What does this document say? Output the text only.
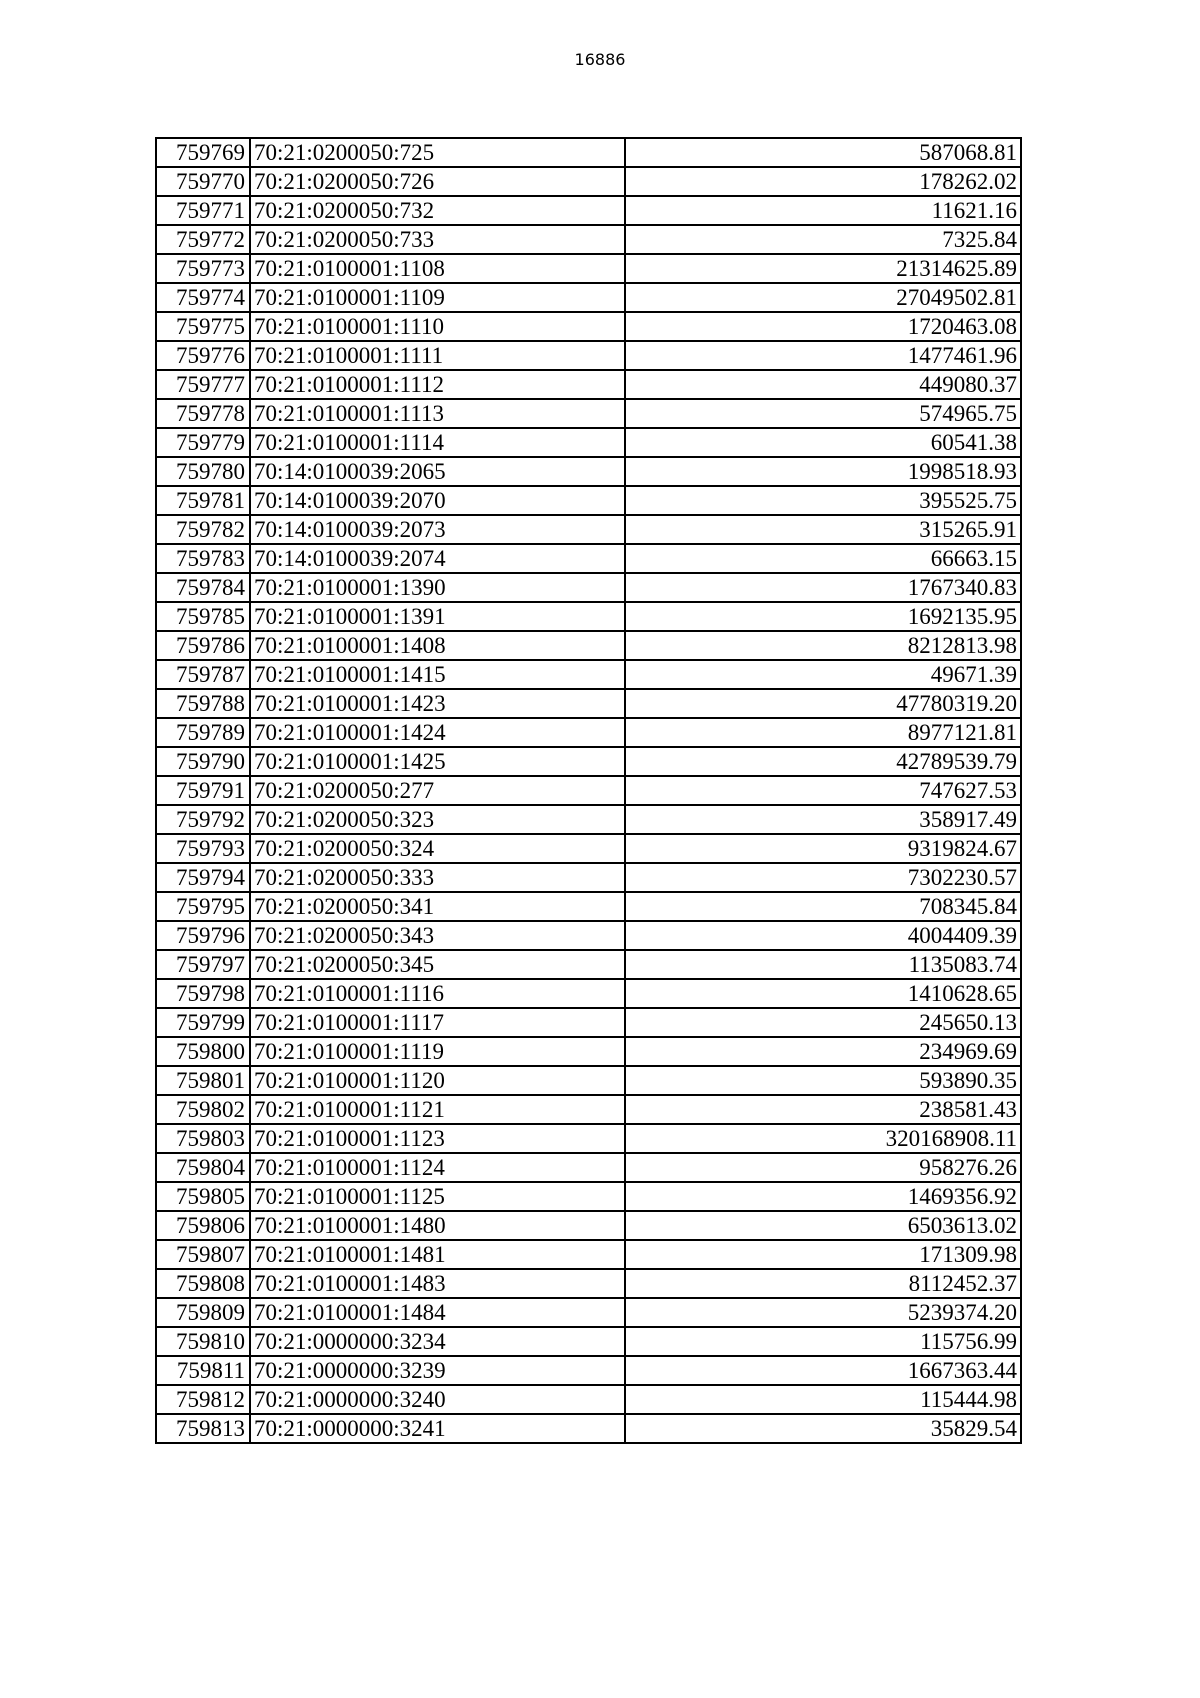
16886
759769	70:21:0200050:725	587068.81
759770	70:21:0200050:726	178262.02
759771	70:21:0200050:732	11621.16
759772	70:21:0200050:733	7325.84
759773	70:21:0100001:1108	21314625.89
759774	70:21:0100001:1109	27049502.81
759775	70:21:0100001:1110	1720463.08
759776	70:21:0100001:1111	1477461.96
759777	70:21:0100001:1112	449080.37
759778	70:21:0100001:1113	574965.75
759779	70:21:0100001:1114	60541.38
759780	70:14:0100039:2065	1998518.93
759781	70:14:0100039:2070	395525.75
759782	70:14:0100039:2073	315265.91
759783	70:14:0100039:2074	66663.15
759784	70:21:0100001:1390	1767340.83
759785	70:21:0100001:1391	1692135.95
759786	70:21:0100001:1408	8212813.98
759787	70:21:0100001:1415	49671.39
759788	70:21:0100001:1423	47780319.20
759789	70:21:0100001:1424	8977121.81
759790	70:21:0100001:1425	42789539.79
759791	70:21:0200050:277	747627.53
759792	70:21:0200050:323	358917.49
759793	70:21:0200050:324	9319824.67
759794	70:21:0200050:333	7302230.57
759795	70:21:0200050:341	708345.84
759796	70:21:0200050:343	4004409.39
759797	70:21:0200050:345	1135083.74
759798	70:21:0100001:1116	1410628.65
759799	70:21:0100001:1117	245650.13
759800	70:21:0100001:1119	234969.69
759801	70:21:0100001:1120	593890.35
759802	70:21:0100001:1121	238581.43
759803	70:21:0100001:1123	320168908.11
759804	70:21:0100001:1124	958276.26
759805	70:21:0100001:1125	1469356.92
759806	70:21:0100001:1480	6503613.02
759807	70:21:0100001:1481	171309.98
759808	70:21:0100001:1483	8112452.37
759809	70:21:0100001:1484	5239374.20
759810	70:21:0000000:3234	115756.99
759811	70:21:0000000:3239	1667363.44
759812	70:21:0000000:3240	115444.98
759813	70:21:0000000:3241	35829.54
